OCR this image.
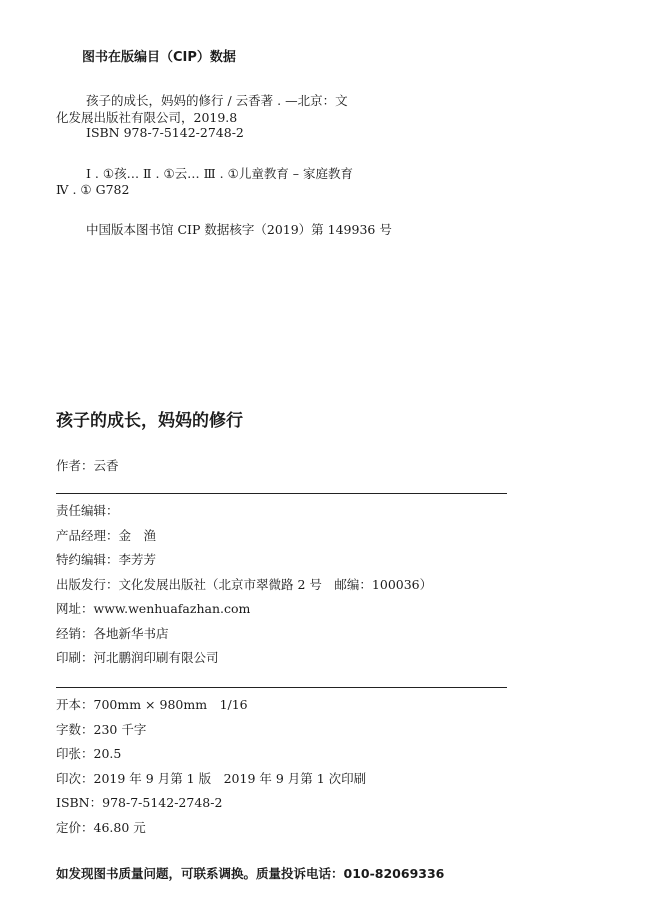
图书在版编目（CIP）数据
孩子的成长，妈妈的修行 / 云香著 . —北京：文
化发展出版社有限公司，2019.8
ISBN 978-7-5142-2748-2
Ⅰ . ①孩… Ⅱ . ①云… Ⅲ . ①儿童教育 – 家庭教育
Ⅳ . ① G782
中国版本图书馆 CIP 数据核字（2019）第 149936 号
孩子的成长，妈妈的修行
作者：云香
责任编辑：
产品经理：金　渔
特约编辑：李芳芳
出版发行：文化发展出版社（北京市翠微路 2 号　邮编：100036）
网址：www.wenhuafazhan.com
经销：各地新华书店
印刷：河北鹏润印刷有限公司
开本：700mm × 980mm　1/16
字数：230 千字
印张：20.5
印次：2019 年 9 月第 1 版　2019 年 9 月第 1 次印刷
ISBN：978-7-5142-2748-2
定价：46.80 元
如发现图书质量问题，可联系调换。质量投诉电话：010-82069336
